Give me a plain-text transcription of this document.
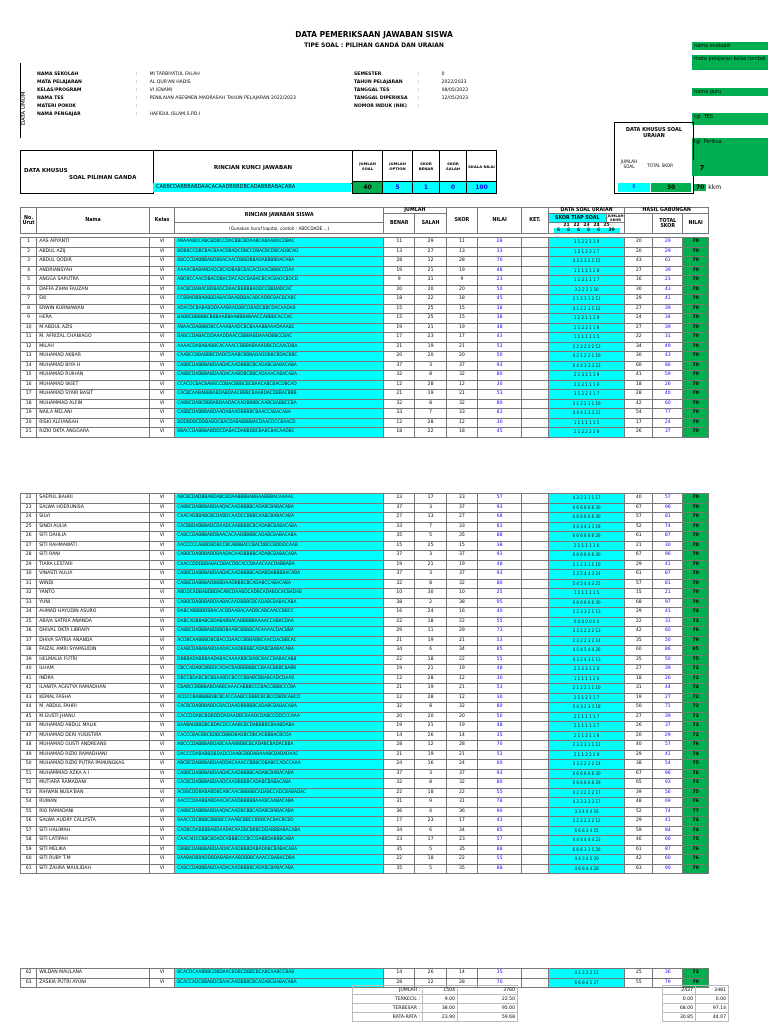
DATA PEMERIKSAAN JAWABAN SISWA
TIPE SOAL : PILIHAN GANDA DAN URAIAN	nama evaluasi
mata pelajaran kelas rombel
nama guru
tgl. TES
tgl. Periksa
DATA UMUM
NAMA SEKOLAH	:	MI TARBIYATUL FALAH
MATA PELAJARAN	:	AL QUR'AN HADIS
KELAS/PROGRAM	:	VI (ENAM)
NAMA TES	:	PENILAIAN ASESMEN MADRASAH TAHUN PELAJARAN 2022/2023
MATERI POKOK	:	
NAMA PENGAJAR	:	HAFIDUL ISLAM,S.PD.I
SEMESTER	:	0
TAHUN PELAJARAN	:	2022/2023
TANGGAL TES	:	08/05/2023
TANGGAL DIPERIKSA	:	12/05/2023
NOMOR INDUK (NIK)	:	
DATA KHUSUS
SOAL PILIHAN GANDA
RINCIAN KUNCI JAWABAN
CABBCDABBBABDAACACAADBBBDBCADABBBABACABA
JUMLAH SOAL	JUMLAH OPTION	SKOR BENAR	SKOR SALAH	SKALA NILAI
40	5	1	0	100
DATA KHUSUS SOAL URAIAN
JUMLAH SOAL	TOTAL SKOR
6	30
7
70 kkm
No. Urut	Nama	Kelas	RINCIAN JAWABAN SISWA	JUMLAH		SKOR	NILAI	KET.	DATA SOAL URAIAN		HASIL GABUNGAN		
				BENAR	SALAH				SKOR TIAP SOAL	JUMLAH SKOR		TOTAL SKOR	NILAI
			(Gunakan huruf kapital, contoh : ABDCDADE ...)						21 22 23 24 25
6 6 6 6 6 30				
1	AAS ARYANTI	VI	ABAAABDCABCBDBCCDACBBCBDAABCABAABDCDBAC	11	29	11	28		3 1 2 2 1 1 9	20	29	70
2	ABDUL AZIJ	VI	BDBBCCDBCBACBAACDBADCDBCCDBACBCDBCADBCAD	13	27	13	33		1 2 1 2 2 1 7	20	29	70
3	ABDUL QODIR	VI	BBCCCDABBBABDBBACAACDBBDBBADABBBBDACABA	28	12	28	70		4 3 2 3 2 1 15	43	61	70
4	ANDRIANSYAH	VI	AAAACBABABDADCBCADBABCBACACDAACBBBCCDAA	19	21	19	48		1 1 1 2 1 2 8	27	39	70
5	ANGGA SAPUTRA	VI	ABDBCCAACDBACDBACDACADCBABACBCACBADCBDCD	9	31	9	23		1 1 2 1 1 1 7	16	23	70
6	DAFFA ZIHNI FAUZAN	VI	AACBCDABACBDBADCDAACBBBBBADDCCBBDADCAC	20	20	20	50		3 2 2 2 1 10	30	43	70
7	EKI	VI	CCBBADBBABBBDABACBAABDBACABCADBCBACBCABC	18	22	18	45		2 1 2 3 1 2 11	29	41	70
8	ERWIN KURNIAWAN	VI	ADACDCBABABDDAAABAADBBCDBADCBBCDACAADAB	15	25	15	38		4 1 2 2 1 1 12	27	39	70
9	HERA	VI	BABBCBBBBBCBBBAABBAABBBABAACCABBBCACCAC	15	25	15	38		1 2 2 1 1 1 9	24	34	70
10	M.ABDUL AZIS	VI	ABAACDABBBDBCCAAABAADCBCBAAABBAAADAAABC	19	21	19	48		2 1 2 2 1 1 8	27	39	70
11	M. AFRIZAL CHANIAGO	VI	BABCCDABACDDAAADDAACCBBBABDAAADBBCCBAC	17	23	17	43		1 1 1 1 1 1 5	22	31	70
12	MILAH	VI	AAAACDABABABBCACAAACCBBBABAAADBCDCAACDBA	21	19	21	53		2 2 2 2 2 2 13	34	49	70
13	MUHAMAD AKBAR	VI	CAABCCBBABBBCDADCDAABCBBBABADDBBCBDACBBC	20	20	20	50		4 2 1 2 2 1 10	30	43	70
14	MUHAMAD BIYA H	VI	CABBCDABBBABDAADACAADBBBCBCADABCBABACABA	37	3	37	93		6 4 4 3 3 3 23	60	86	70
15	MUHAMAD RUIHAN	VI	CABBCDABBBABDAADACAABDBCBBCADAAACABACABA	32	8	32	80		2 1 3 2 1 1 9	41	59	70
16	MUHAMAD SKIET	VI	CCACDCBACBABBCCDBACBBBCBCBAACABCBACDBCAD	12	28	12	30		2 1 2 1 1 1 6	18	26	70
17	MUHAMAD SYAIR BASIT	VI	CACBCAABABBBABDABDAACBBBCBAABDACDBBACBBB	21	19	21	53		3 1 2 2 1 1 7	28	40	70
18	MUHAMMAD ALFIN	VI	CABBCDABCBBBABDAADACAADBBBBCAABCBABBCCBA	32	8	32	80		3 1 2 2 1 1 10	42	60	70
19	NAILA MELANI	VI	CABBCDABBBABDAADABAADBBBBCBAACCABACABA	33	7	33	83		4 4 4 3 3 3 21	54	77	70
20	RISKI ALFIANSAH	VI	BDDBDBCBDBABDCBACDABABBBBACDAACDCCBAACD	12	28	12	30		1 1 1 1 1 1 5	17	24	70
21	RIZKI OKTA ANGGARA	VI	BBACCDABBBABDDCDABACDABBDBCBABCBACAADBC	18	22	18	45		2 1 2 2 2 2 8	26	37	70
22	SAEPUL BAHRI	VI	ABCBCDADBBABDABCBDAABBBBABBAABBBACAAAAC	23	17	23	57		4 3 2 3 1 1 17	40	57	70
23	SALWA HOERUNISA	VI	CABBCDABBBABDAADACAADBBBBCADABCBABACABA	37	3	37	93		6 6 6 6 6 6 30	67	96	70
24	SILVI	VI	CAACADBBABCBCDABDCAADCCBBBCAABCBABACABA	27	13	27	68		6 6 6 6 6 6 30	57	81	70
25	SINDI AULIA	VI	CACBBDABBBADCDAADCAABBBBCBCADABCBABACABA	33	7	33	83		4 4 3 4 3 3 19	52	74	70
26	SITI DAHLIA	VI	CABCCDABBBABDBAACACAADBBBBCADABCBABACABA	35	5	35	88		6 6 6 6 6 6 26	61	87	70
27	SITI RAHMAWATI	VI	AACCCCCABBDBDBCCBCABBBACCBACDBCCBDDDCAAB	15	25	15	38		2 1 1 1 1 1 6	21	30	70
28	SITI RANI	VI	CABBCDABBBABDBAADACAADBBBBCADABCBABACABA	37	3	37	93		6 6 6 6 6 6 30	67	96	70
29	TIARA LESTARI	VI	CAACCDDDBBABACDBACDBCACCBAAACAACDABBABA	19	21	19	48		2 1 2 3 1 1 10	29	41	70
30	VINASTI AULIA	VI	CABBCDABBBABDAADACAADBBBBCADABDABBBBACABA	37	3	37	93		5 3 5 4 4 3 24	61	87	70
31	WINDI	VI	CABBCDABBBADBBBDAADBBBCBCADABCCABACABA	32	8	32	80		5 4 5 4 4 3 25	57	81	70
32	YANTO	VI	ABDDCADBABDBDACABCDAABDCADBCADABDCACBADAB	10	30	10	25		1 1 1 1 1 1 5	15	21	70
33	YUNI	VI	CABBCDABBBABDAABACAADBBBCBCADABCBABACABA	38	2	38	95		6 6 6 6 6 6 30	68	97	70
34	AHMAD HAYUDIN ASURO	VI	DABCABBBBDBBACACBDAABACAADBCABCAACCBBCC	16	24	16	40		2 2 3 3 2 1 13	29	41	74
35	ABIVA SATRIA ANANDA	VI	DABCADBBABCBDABABBACABBBBBAAAACCABACDAA	22	18	22	55		0 0 0 0 0 0 0	22	31	73
36	DHIVAL OKTA LIBRARY	VI	CABBCDABBBABDBBDBAABCBBBBCACAAAACDACBBA	29	11	29	73		3 3 2 2 2 2 13	42	60	76
37	DHIVA SATRIA ANANDA	VI	ACDBCAABBBDBCBACCDAACCBBBABBCAACDACBBCAC	21	19	21	53		2 3 2 2 3 2 14	35	50	79
38	FAIZAL AMRI SYAMSUDIN	VI	CAABCDABABABDAADACAADBBBBCADABCBABACABA	34	6	34	85		4 5 4 5 4 4 26	60	86	85
39	HELMALIA FUTRI	VI	DBBBADABBBAADABACAAAABBCBABCBACCBABACABB	22	18	22	55		4 3 2 4 3 1 13	35	50	75
40	ILHAM	VI	CBCCADABCBBBDCADACBABBBBBBCCBAACBBBCBABB	19	21	19	48		2 1 2 2 1 2 8	27	39	72
41	INDRA	VI	DBCCBDABCBCBBAABDCBCCCBBABCBBABCADCDAAB	12	28	12	30		1 1 1 1 1 2 6	18	26	72
42	ILANITA AGISTYA RAMADHAN	VI	CBABCCBBBBABDABBCAAACABBBCCCBACCBBBCCCBA	21	19	21	53		2 1 2 2 1 1 10	31	44	74
43	KEMAL FASHA	VI	ACDCCBABBBBDBCBCACCAABCCBBBCBCBCCDBDCABCD	12	28	12	30		2 1 1 2 1 1 7	19	27	72
44	M. ABDUL FAHRI	VI	CACBCDABBBABDCBACDAADBBBBBCADABCBABACABA	32	8	32	80		5 4 3 2 3 3 18	50	71	72
45	M.GUSTI JHANU	VI	CACCDDABCBDBDDDADAADBCBAADCDABCCDDCCCAAA	20	20	20	50		2 1 1 1 1 1 7	27	39	73
46	MUHAMAD ABDUL MALIK	VI	BAABADBBDBCBDACDCCAABCBCDABBBBCBAABDABA	19	21	19	48		2 1 1 1 1 1 7	26	37	73
47	MUHAMAD DERI YUSISTIRA	VI	CACCCBACBBCBDBCDBBDBADBCDBCACBBBACBCDA	14	26	14	35		2 1 1 2 1 1 8	20	29	72
48	MUHAMAD GUSTI ANDREANS	VI	ABCCCDABBBABDABCAAABBBBCBCADABCBADACBBA	28	12	28	70		2 3 2 3 1 1 12	40	57	76
49	MUHAMAD RIZKI RAMADHANI	VI	DACCCDABABBDBDADCDAABCBBDABAAABCBADADAAC	21	19	21	53		2 1 1 2 2 2 8	29	41	74
50	MUHAMAD RIZKI PUTRA PAMUNGKAS	VI	ABCBCDABBBABDAADDACAAACCBBBCDBABCCADCCAAA	24	16	24	60		3 3 2 2 2 2 14	38	54	75
51	MUHAMMAD AZKA A.I	VI	CABBCDABBBABDAADACAADBBBBCADABCBABACABA	37	3	37	93		6 6 6 6 6 6 30	67	96	76
52	MUTIARA RAMADANI	VI	CACBCDABBBABDAADCAADBBBBCADABCBABACABA	32	8	32	80		6 6 6 6 6 6 29	65	93	73
53	RIHWAN NUSA'BAN	VI	ACBBCDDBABABDBCABCAACBBBBBCADABCCADCBABADAC	22	18	22	55		4 2 3 2 2 2 17	39	56	75
54	RUWAN	VI	AACCCDAABBABDAACACAADBBBBBAAABCAABACABA	31	9	31	78		4 3 3 3 3 3 17	48	69	76
55	RIO RAMADANI	VI	CABBCDABBBABDAADACAADBCBBCADABCBABACABA	36	4	36	90		3 3 4 4 4 16	52	74	77
56	SALWA AUDRY CALLYSTA	VI	BAACCDCBBBCBBBBCCAAABCBBCCBDBCACBACBCBD	17	23	17	43		2 2 2 2 2 2 12	29	41	74
57	SITI HALIMAH	VI	CADBCDABBBBABDAADACAADBCBBBCDDABBBABACABA	34	6	34	85		6 6 6 3 4 25	59	84	74
58	SITI LATIPAH	VI	CAACADCCBBCBDADCABBBCCCBCCDABBDABBBCABA	23	17	23	57		4 4 4 4 4 4 23	46	66	75
59	SITI MELIKA	VI	CBBBCDABBBABDAADACAADBBBDABADABCBABACABA	35	5	35	88		6 6 6 3 3 5 26	61	87	76
60	SITI RUBY T.M	VI	BAABADBBADDBDABABAAABDBBBCAAACCBABACDBA	22	18	22	55		4 4 3 4 5 20	42	60	76
61	SITI ZAHRA MAULIDAH	VI	CABCCDABBBABDAADACAADBBBBCADABCBABACABA	35	5	35	88		4 6 6 4 4 28	63	90	70
62	WILDAN MAULANA	VI	BCACDCAABBBCDBDAACBDBCDBBCBCABCAABCCBAB	14	26	14	35		4 1 2 2 2 11	25	36	73
63	ZASKIA PUTRI AYUNI	VI	BCACCADCBBABDCBAACAADBBBCBCADABCBABACABA	28	12	28	70		6 6 6 4 5 27	55	79	70
JUMLAH :	1504	3760		2437	3481
TERKECIL :	9.00	22.50		0.00	0.00
TERBESAR :	38.00	95.00		68.00	97.14
RATA-RATA :	23.90	59.68		30.85	44.07
